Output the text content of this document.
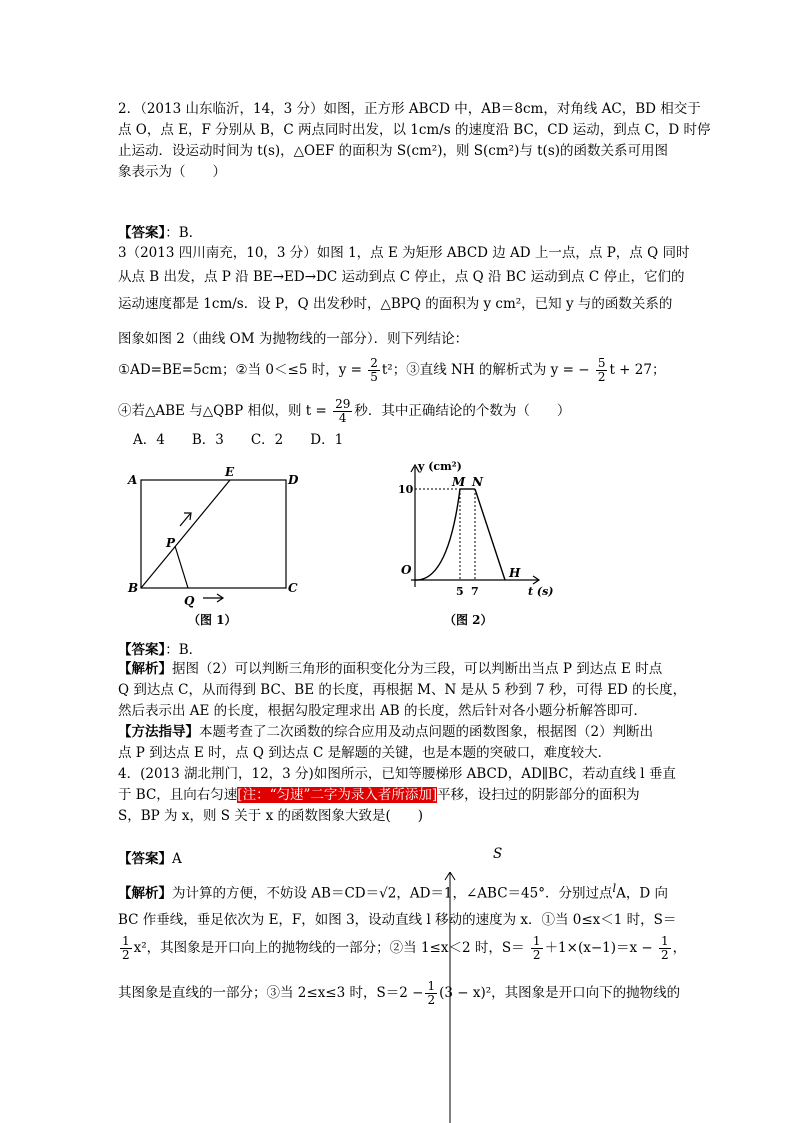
2．（2013 山东临沂，14，3 分）如图，正方形 ABCD 中，AB＝8cm，对角线 AC，BD 相交于
点 O，点 E，F 分别从 B，C 两点同时出发，以 1cm/s 的速度沿 BC，CD 运动，到点 C，D 时停
止运动．设运动时间为 t(s)，△OEF 的面积为 S(cm²)，则 S(cm²)与 t(s)的函数关系可用图
象表示为（　　）
【答案】：B.
3（2013 四川南充，10，3 分）如图 1，点 E 为矩形 ABCD 边 AD 上一点，点 P，点 Q 同时
从点 B 出发，点 P 沿 BE→ED→DC 运动到点 C 停止，点 Q 沿 BC 运动到点 C 停止，它们的
运动速度都是 1cm/s．设 P，Q 出发秒时，△BPQ 的面积为 y cm²，已知 y 与的函数关系的
图象如图 2（曲线 OM 为抛物线的一部分）．则下列结论：
①AD=BE=5cm；②当 0＜≤5 时，$y = \frac{2}{5} t^2$；③直线 NH 的解析式为 y = − $\frac{5}{2}$ t + 27；
④若△ABE 与△QBP 相似，则 $t = \frac{29}{4}$ 秒．其中正确结论的个数为（　　）
A．4　　B．3　　C．2　　D．1
A	D
E
P
B
Q
C
（图 1）
y (cm²)
10
M N
O
5 7
H
t (s)
（图 2）
【答案】：B．
【解析】据图（2）可以判断三角形的面积变化分为三段，可以判断出当点 P 到达点 E 时点
Q 到达点 C，从而得到 BC、BE 的长度，再根据 M、N 是从 5 秒到 7 秒，可得 ED 的长度，
然后表示出 AE 的长度，根据勾股定理求出 AB 的长度，然后针对各小题分析解答即可．
【方法指导】本题考查了二次函数的综合应用及动点问题的函数图象，根据图（2）判断出
点 P 到达点 E 时，点 Q 到达点 C 是解题的关键，也是本题的突破口，难度较大．
4．(2013 湖北荆门，12，3 分)如图所示，已知等腰梯形 ABCD，AD∥BC，若动直线 l 垂直
于 BC，且向右匀速[注：“匀速”二字为录入者所添加]平移，设扫过的阴影部分的面积为
S，BP 为 x，则 S 关于 x 的函数图象大致是(　　)
【答案】A	S
【解析】为计算的方便，不妨设 AB＝CD＝√2，AD＝1，∠ABC＝45°．分别过点$^l$A，D 向
BC 作垂线，垂足依次为 E，F，如图 3，设动直线 l 移动的速度为 x．①当 0≤x＜1 时，S＝
$\frac{1}{2} x^2$，其图象是开口向上的抛物线的一部分；②当 1≤x＜2 时，$S= \frac{1}{2} +1\times(x-1)=x - \frac{1}{2}$ ，
其图象是直线的一部分；③当 2≤x≤3 时，$S=2 - \frac{1}{2} (3 - x)^2$，其图象是开口向下的抛物线的
